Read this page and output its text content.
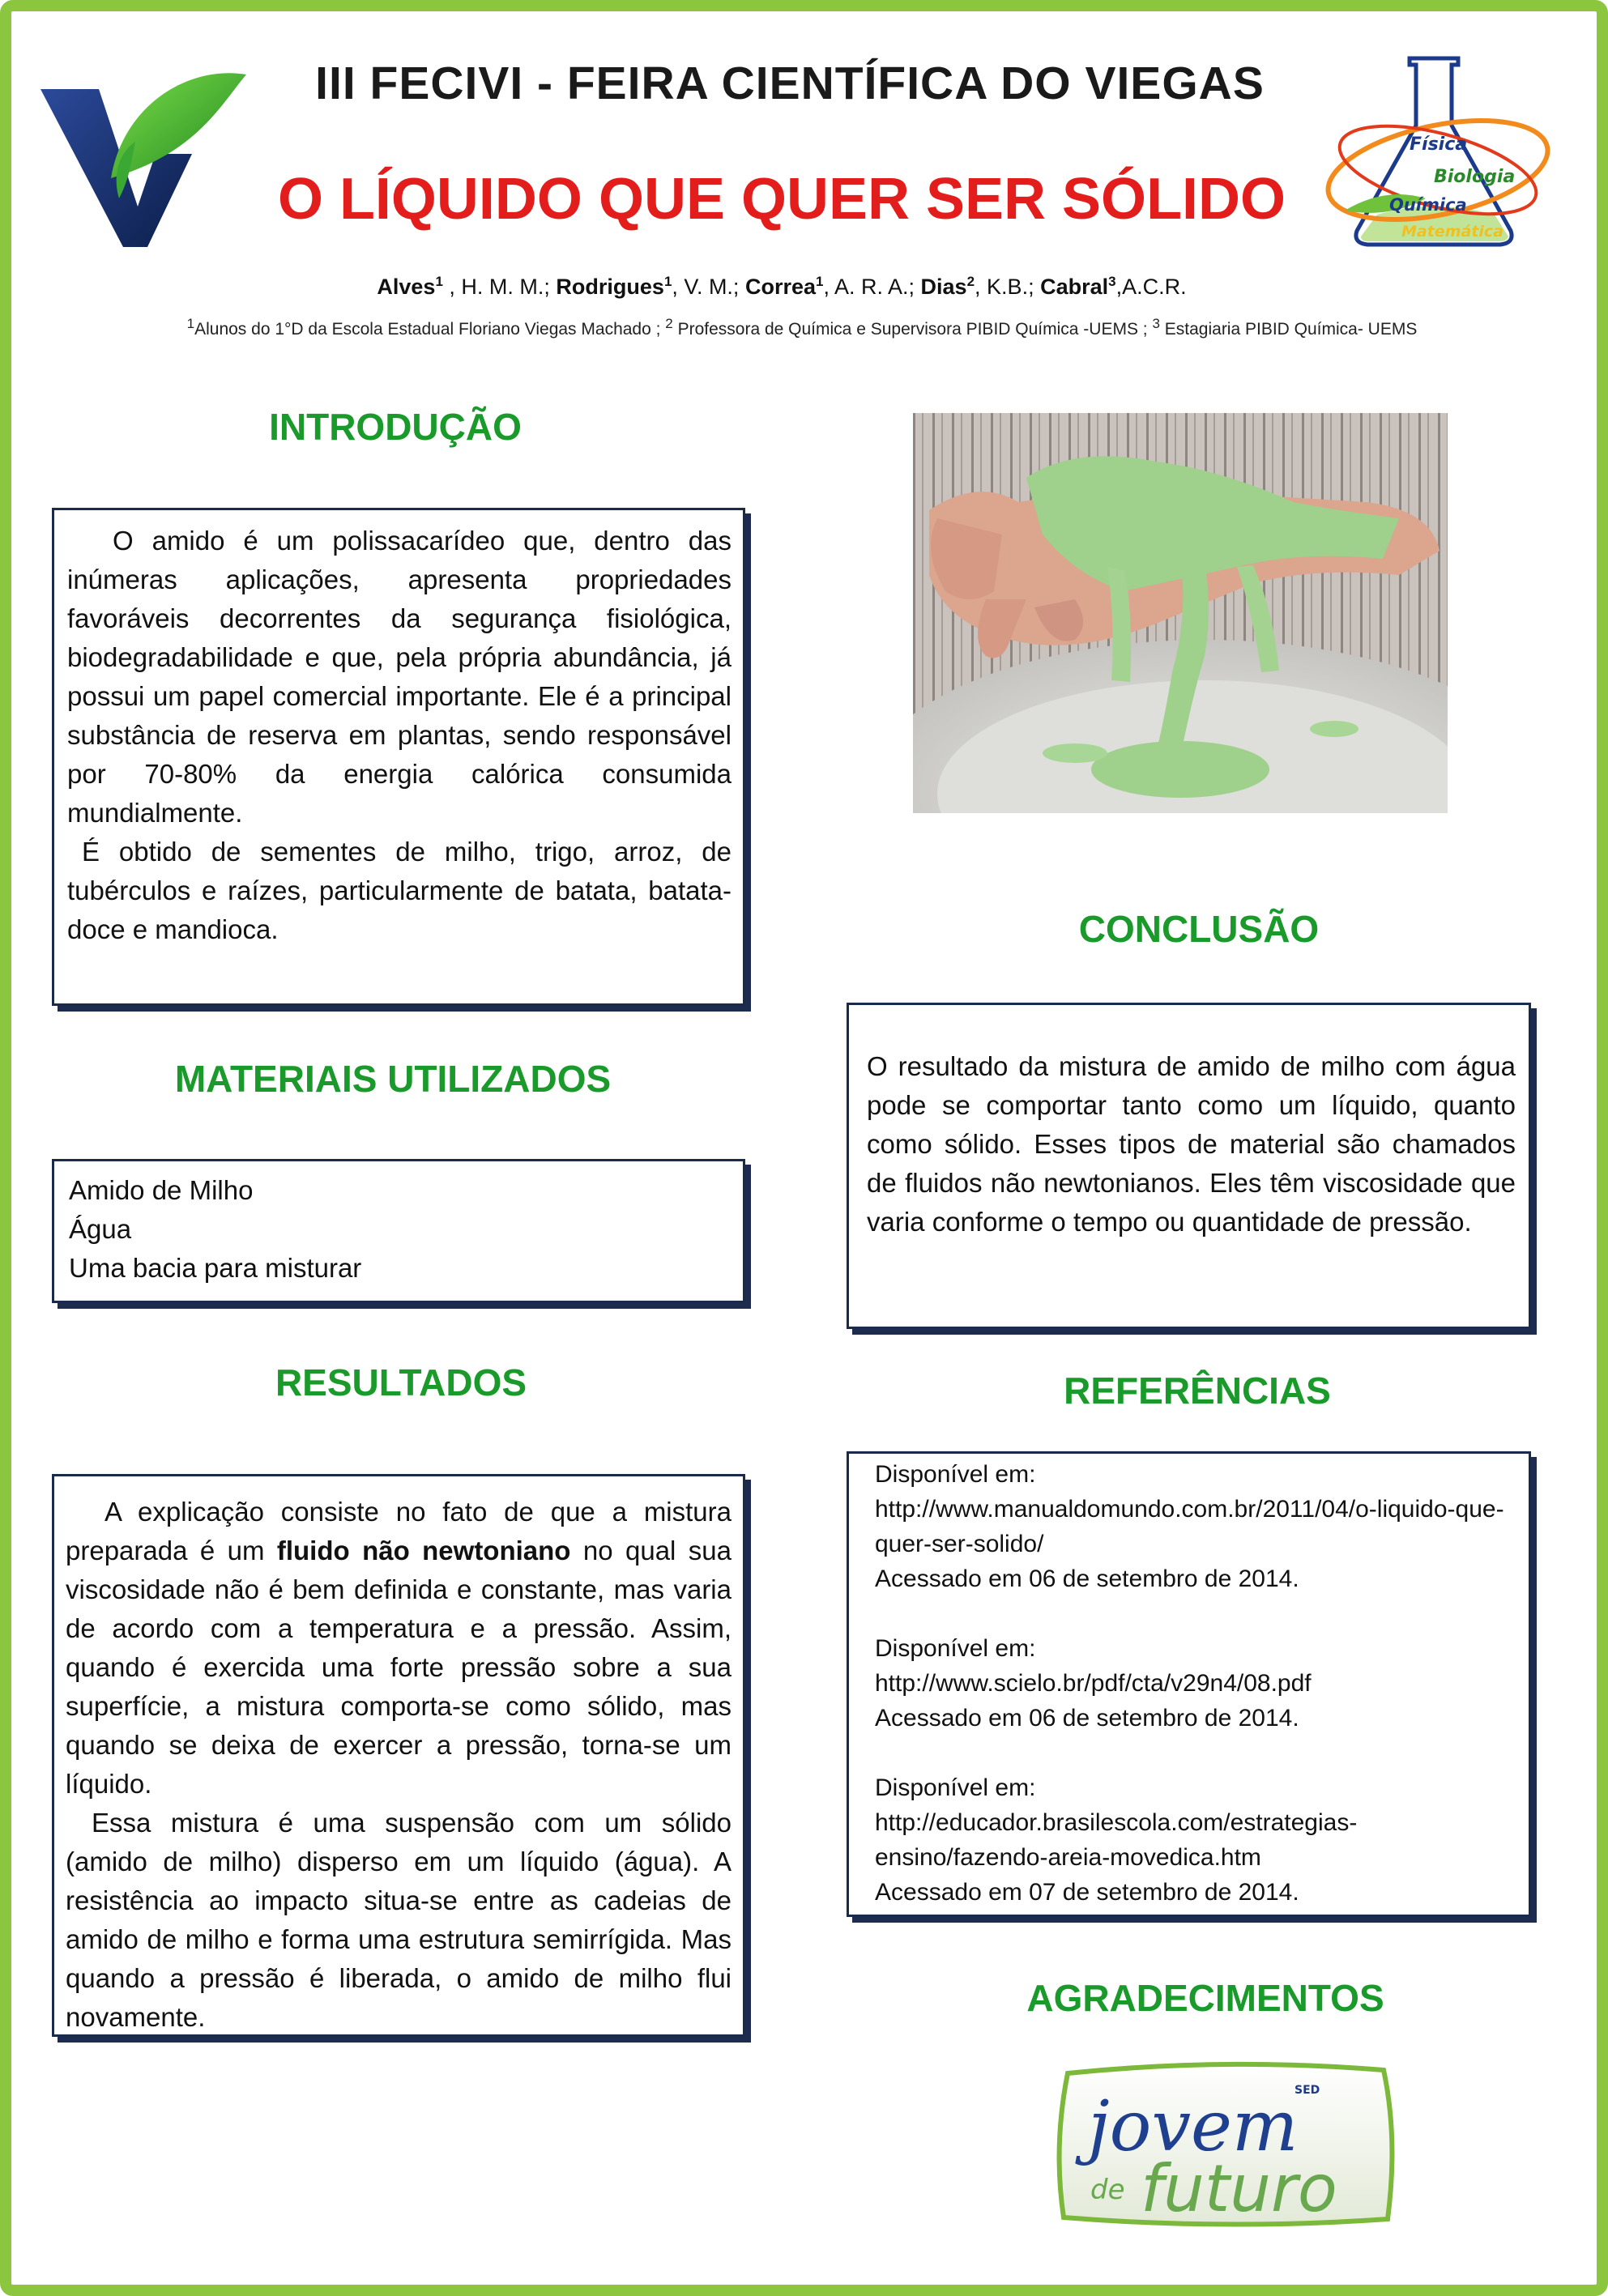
III FECIVI - FEIRA CIENTÍFICA DO VIEGAS
O LÍQUIDO QUE QUER SER SÓLIDO
Física
Biologia
Química
Matemática
Alves$^1$ , H. M. M.; Rodrigues$^1$, V. M.; Correa$^1$, A. R. A.; Dias$^2$, K.B.; Cabral$^3$,A.C.R.
$^1$Alunos do 1°D da Escola Estadual Floriano Viegas Machado ; $^2$ Professora de Química e Supervisora PIBID Química -UEMS ; $^3$ Estagiaria PIBID Química- UEMS
INTRODUÇÃO

O amido é um polissacarídeo que, dentro das inúmeras aplicações, apresenta propriedades favoráveis decorrentes da segurança fisiológica, biodegradabilidade e que, pela própria abundância, já possui um papel comercial importante. Ele é a principal substância de reserva em plantas, sendo responsável por 70-80% da energia calórica consumida mundialmente.

É obtido de sementes de milho, trigo, arroz, de tubérculos e raízes, particularmente de batata, batata-doce e mandioca.

MATERIAIS UTILIZADOS
Amido de Milho
Água
Uma bacia para misturar
RESULTADOS

A explicação consiste no fato de que a mistura preparada é um fluido não newtoniano no qual sua viscosidade não é bem definida e constante, mas varia de acordo com a temperatura e a pressão. Assim, quando é exercida uma forte pressão sobre a sua superfície, a mistura comporta-se como sólido, mas quando se deixa de exercer a pressão, torna-se um líquido.

Essa mistura é uma suspensão com um sólido (amido de milho) disperso em um líquido (água). A resistência ao impacto situa-se entre as cadeias de amido de milho e forma uma estrutura semirrígida. Mas quando a pressão é liberada, o amido de milho flui novamente.

CONCLUSÃO

O resultado da mistura de amido de milho com água pode se comportar tanto como um líquido, quanto como sólido. Esses tipos de material são chamados de fluidos não newtonianos. Eles têm viscosidade que varia conforme o tempo ou quantidade de pressão.

REFERÊNCIAS

Disponível em:

http://www.manualdomundo.com.br/2011/04/o-liquido-que-quer-ser-solido/

Acessado em 06 de setembro de 2014.

Disponível em:

http://www.scielo.br/pdf/cta/v29n4/08.pdf

Acessado em 06 de setembro de 2014.

Disponível em:

http://educador.brasilescola.com/estrategias-ensino/fazendo-areia-movedica.htm

Acessado em 07 de setembro de 2014.

AGRADECIMENTOS
SED
jovem
de futuro
